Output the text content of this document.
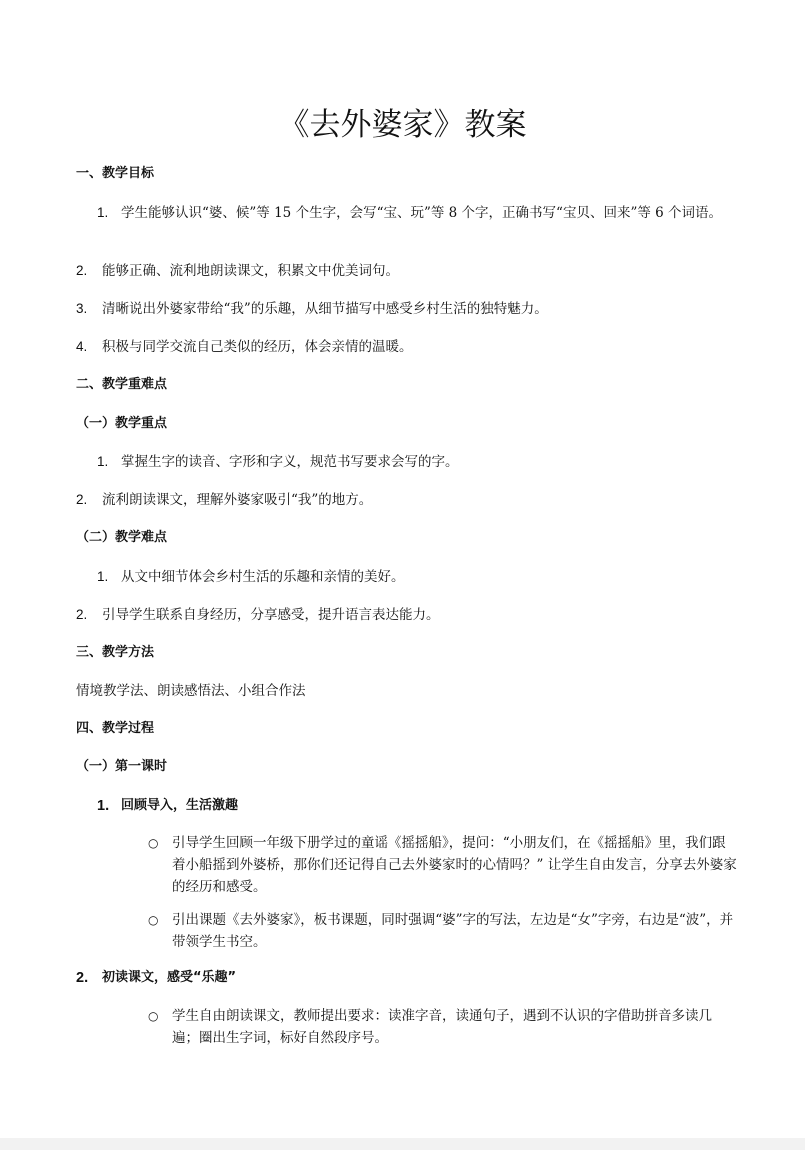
《去外婆家》教案
一、教学目标
1. 学生能够认识“婆、候”等 15 个生字，会写“宝、玩”等 8 个字，正确书写“宝贝、回来”等 6 个词语。
2. 能够正确、流利地朗读课文，积累文中优美词句。
3. 清晰说出外婆家带给“我”的乐趣，从细节描写中感受乡村生活的独特魅力。
4. 积极与同学交流自己类似的经历，体会亲情的温暖。
二、教学重难点
（一）教学重点
1. 掌握生字的读音、字形和字义，规范书写要求会写的字。
2. 流利朗读课文，理解外婆家吸引“我”的地方。
（二）教学难点
1. 从文中细节体会乡村生活的乐趣和亲情的美好。
2. 引导学生联系自身经历，分享感受，提升语言表达能力。
三、教学方法
情境教学法、朗读感悟法、小组合作法
四、教学过程
（一）第一课时
1. 回顾导入，生活激趣
○ 引导学生回顾一年级下册学过的童谣《摇摇船》，提问：“小朋友们，在《摇摇船》里，我们跟着小船摇到外婆桥，那你们还记得自己去外婆家时的心情吗？” 让学生自由发言，分享去外婆家的经历和感受。
○ 引出课题《去外婆家》，板书课题，同时强调“婆”字的写法，左边是“女”字旁，右边是“波”，并带领学生书空。
2. 初读课文，感受“乐趣”
○ 学生自由朗读课文，教师提出要求：读准字音，读通句子，遇到不认识的字借助拼音多读几遍；圈出生字词，标好自然段序号。
